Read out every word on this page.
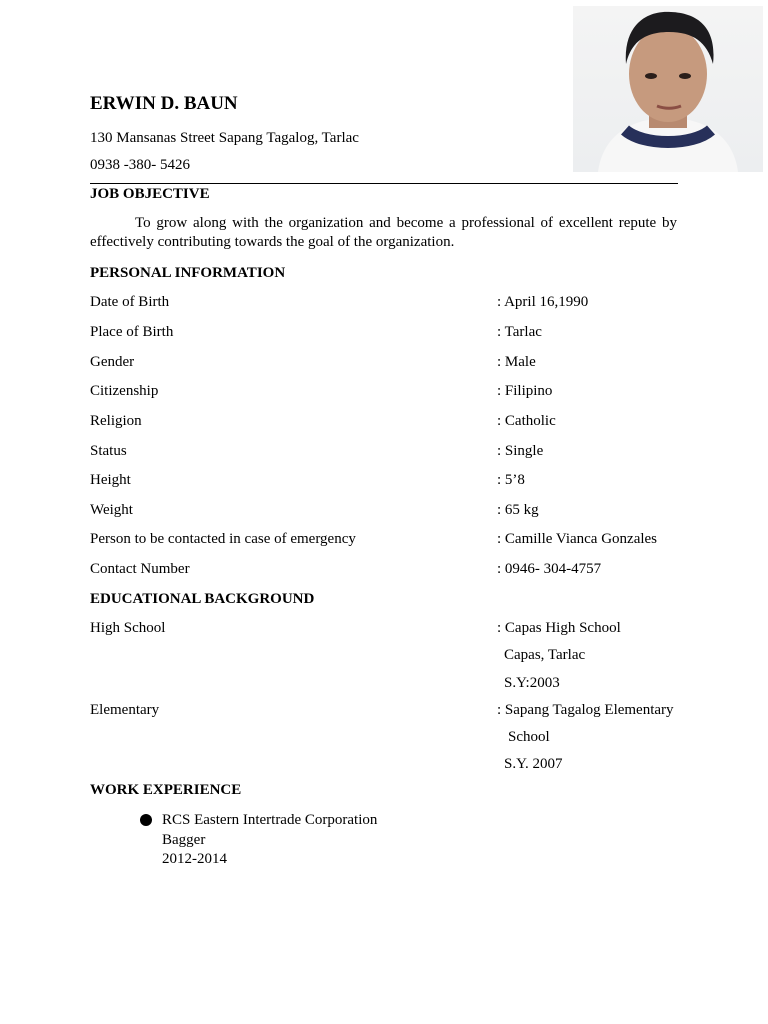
ERWIN D. BAUN
130 Mansanas Street Sapang Tagalog, Tarlac
0938 -380- 5426
JOB OBJECTIVE
To grow along with the organization and become a professional of excellent repute by effectively contributing towards the goal of the organization.
PERSONAL INFORMATION
Date of Birth	: April 16,1990
Place of Birth	: Tarlac
Gender	: Male
Citizenship	: Filipino
Religion	: Catholic
Status	: Single
Height	: 5’8
Weight	: 65 kg
Person to be contacted in case of emergency	: Camille Vianca Gonzales
Contact Number	: 0946- 304-4757
EDUCATIONAL BACKGROUND
High School	: Capas High School
Capas, Tarlac
S.Y:2003
Elementary	: Sapang Tagalog Elementary
School
S.Y. 2007
WORK EXPERIENCE
RCS Eastern Intertrade Corporation
Bagger
2012-2014
